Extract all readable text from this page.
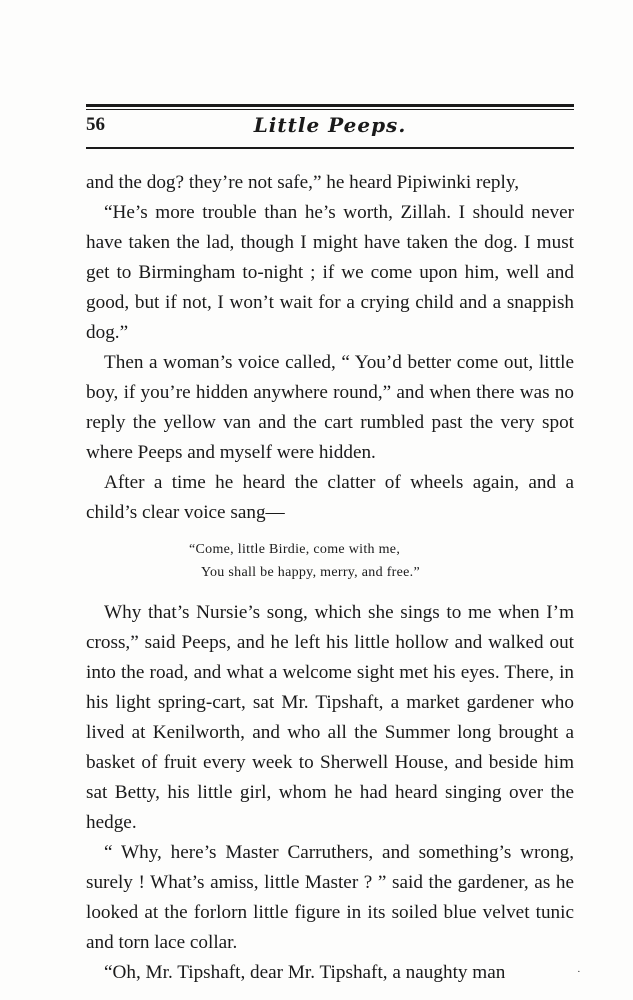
56	Little Peeps.

and the dog? they’re not safe,” he heard Pipiwinki reply,

“He’s more trouble than he’s worth, Zillah. I should never have taken the lad, though I might have taken the dog. I must get to Birmingham to-night ; if we come upon him, well and good, but if not, I won’t wait for a crying child and a snappish dog.”

Then a woman’s voice called, “ You’d better come out, little boy, if you’re hidden anywhere round,” and when there was no reply the yellow van and the cart rumbled past the very spot where Peeps and myself were hidden.

After a time he heard the clatter of wheels again, and a child’s clear voice sang—

“Come, little Birdie, come with me,
You shall be happy, merry, and free.”

Why that’s Nursie’s song, which she sings to me when I’m cross,” said Peeps, and he left his little hollow and walked out into the road, and what a welcome sight met his eyes. There, in his light spring-cart, sat Mr. Tipshaft, a market gardener who lived at Kenilworth, and who all the Summer long brought a basket of fruit every week to Sherwell House, and beside him sat Betty, his little girl, whom he had heard singing over the hedge.

“ Why, here’s Master Carruthers, and something’s wrong, surely ! What’s amiss, little Master ? ” said the gardener, as he looked at the forlorn little figure in its soiled blue velvet tunic and torn lace collar.

“Oh, Mr. Tipshaft, dear Mr. Tipshaft, a naughty man	·
